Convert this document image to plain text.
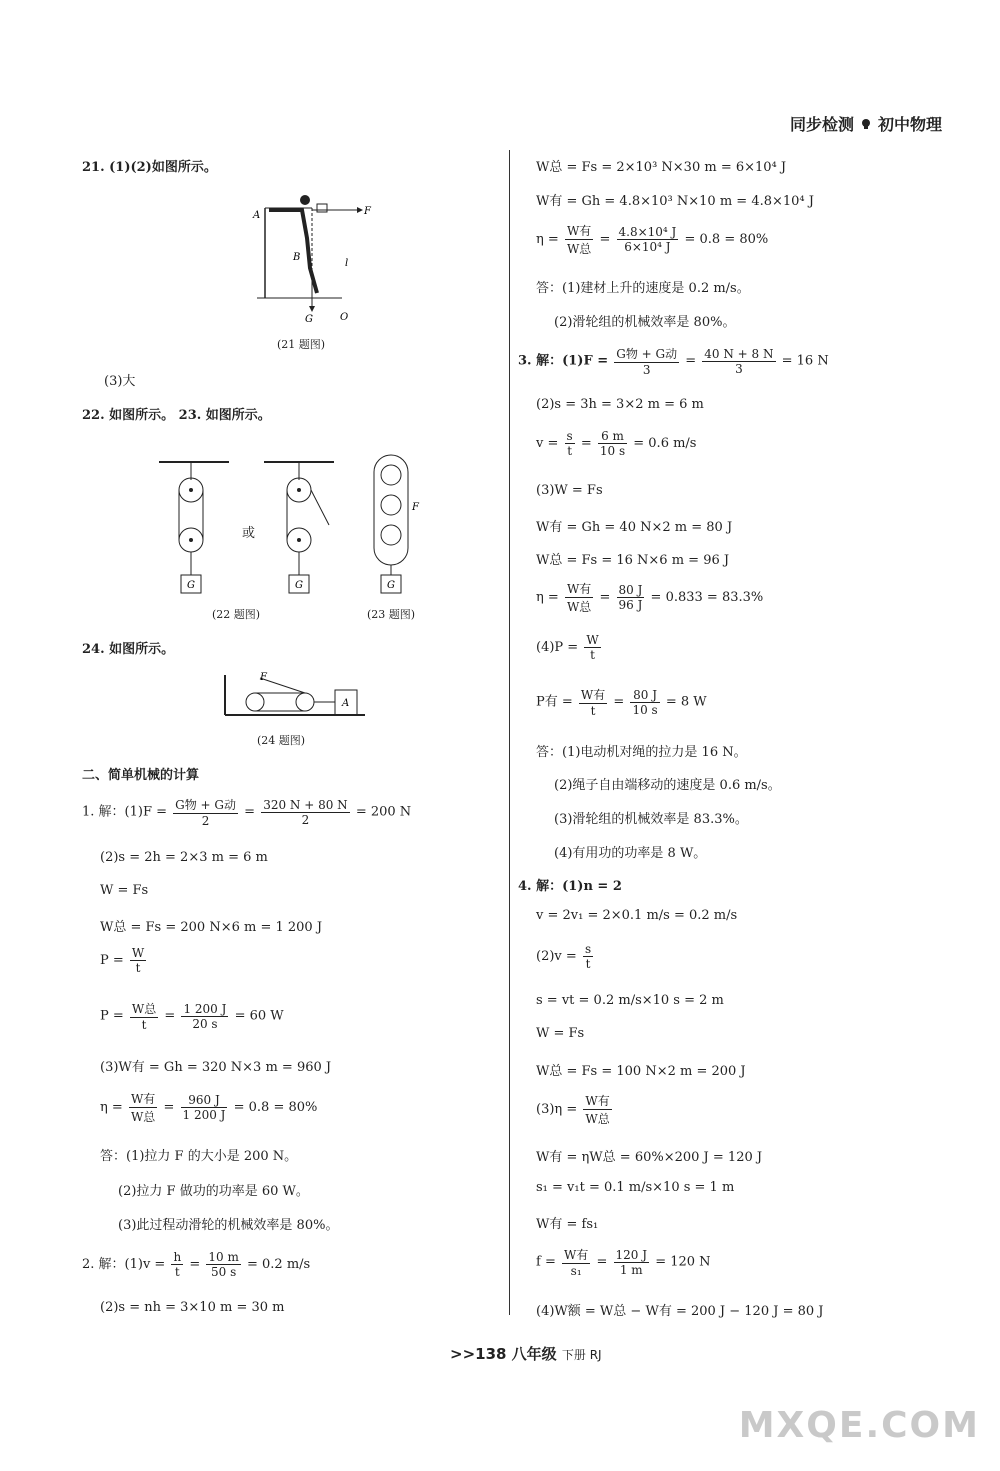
同步检测 初中物理
21. (1)(2)如图所示。
A	F
B
l
G	O
(21 题图)
(3)大
22. 如图所示。 23. 如图所示。
G	G	G
F
或
(22 题图)	(23 题图)
24. 如图所示。
A
F
(24 题图)
二、简单机械的计算
1. 解：$(1)F = \frac{\text{G物 + G动}}{2} = \frac{320 N + 80 N}{2} = 200$ N
(2)s = 2h = 2×3 m = 6 m
W = Fs
W总 = Fs = 200 N×6 m = 1 200 J
$P = \frac{W}{t}$
$P = \frac{\text{W总}}{t} = \frac{1 200 J}{20 s} = 60$ W
(3)W有 = Gh = 320 N×3 m = 960 J
$\eta = \frac{\text{W有}}{\text{W总}} = \frac{960 J}{1 200 J} = 0.8 = 80\%$
答：(1)拉力 F 的大小是 200 N。
(2)拉力 F 做功的功率是 60 W。
(3)此过程动滑轮的机械效率是 80%。
2. 解：$(1)v = \frac{h}{t} = \frac{10 m}{50 s} = 0.2$ m/s
(2)s = nh = 3×10 m = 30 m
W总 = Fs = 2×10³ N×30 m = 6×10⁴ J
W有 = Gh = 4.8×10³ N×10 m = 4.8×10⁴ J
$\eta = \frac{\text{W有}}{\text{W总}} = \frac{\text{4.8×10⁴ J}}{\text{6×10⁴ J}} = 0.8 = 80\%$
答：(1)建材上升的速度是 0.2 m/s。
(2)滑轮组的机械效率是 80%。
3. 解：$(1)F = \frac{\text{G物 + G动}}{3} = \frac{40 N + 8 N}{3} = 16$ N
(2)s = 3h = 3×2 m = 6 m
$v = \frac{s}{t} = \frac{6 m}{10 s} = 0.6$ m/s
(3)W = Fs
W有 = Gh = 40 N×2 m = 80 J
W总 = Fs = 16 N×6 m = 96 J
$\eta = \frac{\text{W有}}{\text{W总}} = \frac{80 J}{96 J} = 0.833 = 83.3\%$
$(4)P = \frac{W}{t}$
P有 = $\frac{\text{W有}}{t} = \frac{80 J}{10 s} = 8$ W
答：(1)电动机对绳的拉力是 16 N。
(2)绳子自由端移动的速度是 0.6 m/s。
(3)滑轮组的机械效率是 83.3%。
(4)有用功的功率是 8 W。
4. 解：(1)n = 2
v = 2v₁ = 2×0.1 m/s = 0.2 m/s
$(2)v = \frac{s}{t}$
s = vt = 0.2 m/s×10 s = 2 m
W = Fs
W总 = Fs = 100 N×2 m = 200 J
$(3)\eta = \frac{\text{W有}}{\text{W总}}$
W有 = ηW总 = 60%×200 J = 120 J
s₁ = v₁t = 0.1 m/s×10 s = 1 m
W有 = fs₁
$f = \frac{\text{W有}}{\text{s₁}} = \frac{120 J}{1 m} = 120$ N
(4)W额 = W总 − W有 = 200 J − 120 J = 80 J
>>138 八年级 下册 RJ
MXQE.COM
